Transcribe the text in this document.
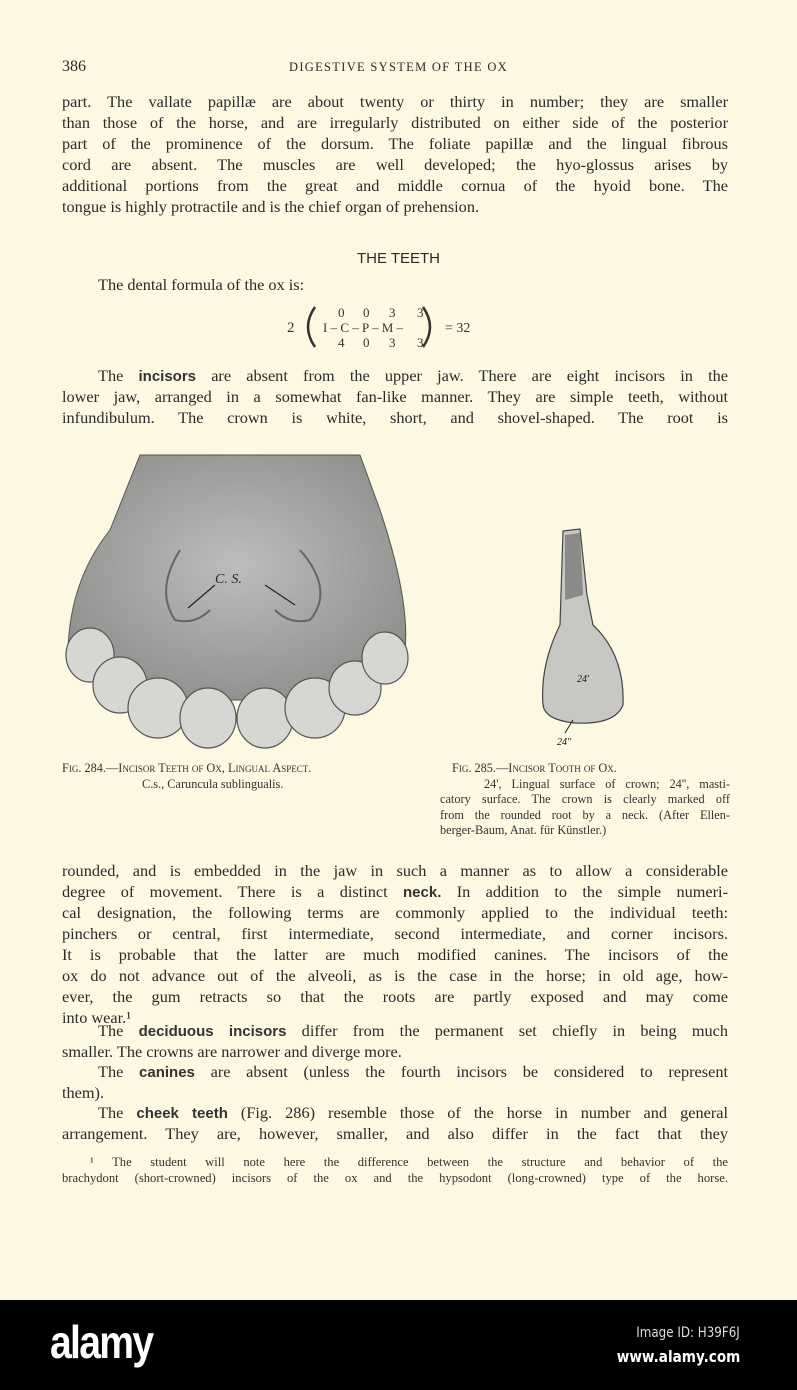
386	DIGESTIVE SYSTEM OF THE OX
part. The vallate papillæ are about twenty or thirty in number; they are smaller
than those of the horse, and are irregularly distributed on either side of the posterior
part of the prominence of the dorsum. The foliate papillæ and the lingual fibrous
cord are absent. The muscles are well developed; the hyo-glossus arises by
additional portions from the great and middle cornua of the hyoid bone. The
tongue is highly protractile and is the chief organ of prehension.
THE TEETH
The dental formula of the ox is:
2
0 0 3 3
I – C – P – M –
4 0 3 3
= 32
The incisors are absent from the upper jaw. There are eight incisors in the
lower jaw, arranged in a somewhat fan-like manner. They are simple teeth, without
infundibulum. The crown is white, short, and shovel-shaped. The root is
C. S.
24'
24''
Fig. 284.—Incisor Teeth of Ox, Lingual Aspect.
C.s., Caruncula sublingualis.
Fig. 285.—Incisor Tooth of Ox.
24', Lingual surface of crown; 24'', masti-
catory surface. The crown is clearly marked off
from the rounded root by a neck. (After Ellen-
berger-Baum, Anat. für Künstler.)
rounded, and is embedded in the jaw in such a manner as to allow a considerable
degree of movement. There is a distinct neck. In addition to the simple numeri-
cal designation, the following terms are commonly applied to the individual teeth:
pinchers or central, first intermediate, second intermediate, and corner incisors.
It is probable that the latter are much modified canines. The incisors of the
ox do not advance out of the alveoli, as is the case in the horse; in old age, how-
ever, the gum retracts so that the roots are partly exposed and may come
into wear.¹
The deciduous incisors differ from the permanent set chiefly in being much
smaller. The crowns are narrower and diverge more.
The canines are absent (unless the fourth incisors be considered to represent
them).
The cheek teeth (Fig. 286) resemble those of the horse in number and general
arrangement. They are, however, smaller, and also differ in the fact that they
¹ The student will note here the difference between the structure and behavior of the
brachydont (short-crowned) incisors of the ox and the hypsodont (long-crowned) type of the horse.
alamy	Image ID: H39F6J
www.alamy.com
